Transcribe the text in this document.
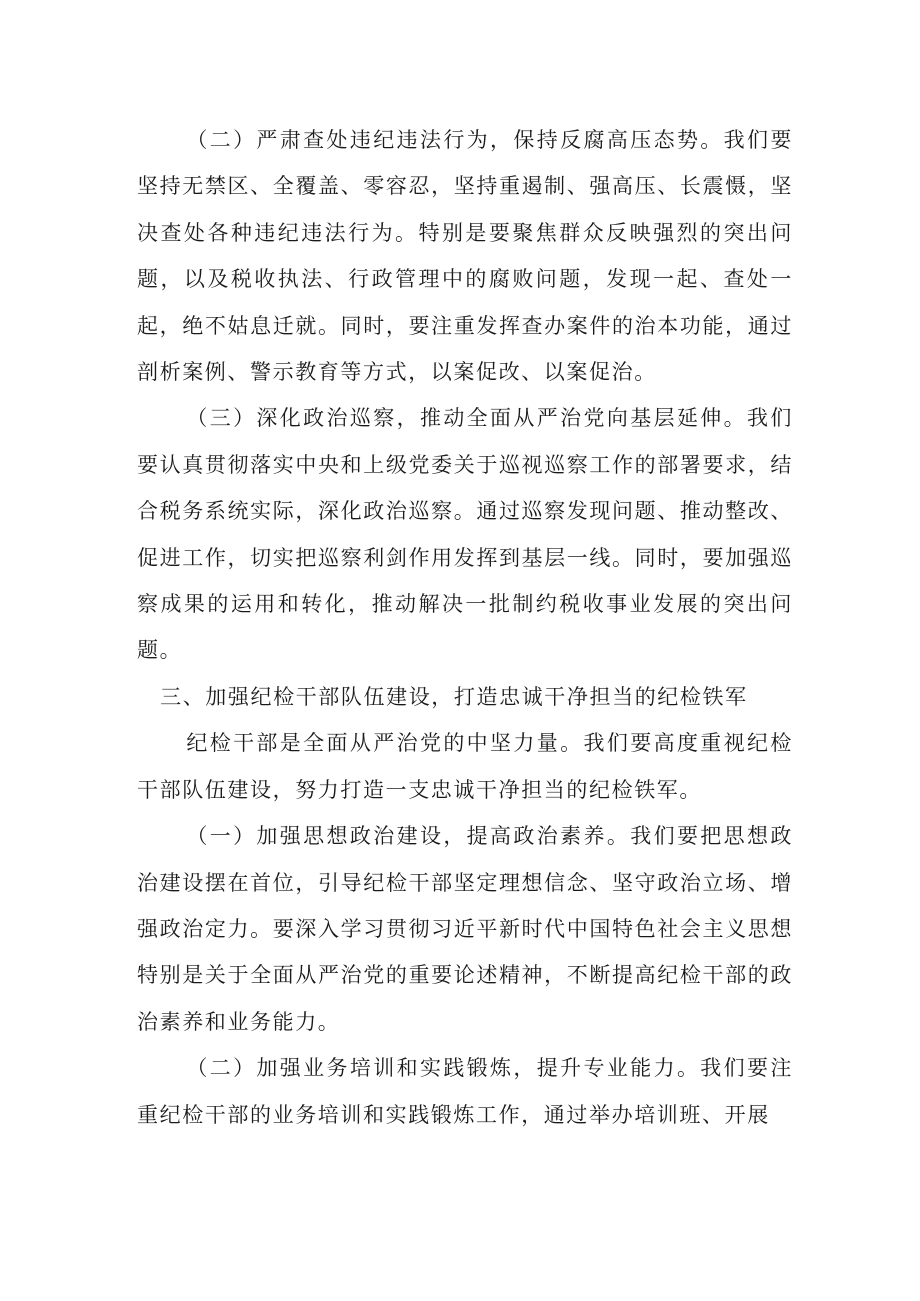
（二）严肃查处违纪违法行为，保持反腐高压态势。我们要坚持无禁区、全覆盖、零容忍，坚持重遏制、强高压、长震慑，坚决查处各种违纪违法行为。特别是要聚焦群众反映强烈的突出问题，以及税收执法、行政管理中的腐败问题，发现一起、查处一起，绝不姑息迁就。同时，要注重发挥查办案件的治本功能，通过剖析案例、警示教育等方式，以案促改、以案促治。

（三）深化政治巡察，推动全面从严治党向基层延伸。我们要认真贯彻落实中央和上级党委关于巡视巡察工作的部署要求，结合税务系统实际，深化政治巡察。通过巡察发现问题、推动整改、促进工作，切实把巡察利剑作用发挥到基层一线。同时，要加强巡察成果的运用和转化，推动解决一批制约税收事业发展的突出问题。

三、加强纪检干部队伍建设，打造忠诚干净担当的纪检铁军

纪检干部是全面从严治党的中坚力量。我们要高度重视纪检干部队伍建设，努力打造一支忠诚干净担当的纪检铁军。

（一）加强思想政治建设，提高政治素养。我们要把思想政治建设摆在首位，引导纪检干部坚定理想信念、坚守政治立场、增强政治定力。要深入学习贯彻习近平新时代中国特色社会主义思想特别是关于全面从严治党的重要论述精神，不断提高纪检干部的政治素养和业务能力。

（二）加强业务培训和实践锻炼，提升专业能力。我们要注重纪检干部的业务培训和实践锻炼工作，通过举办培训班、开展
